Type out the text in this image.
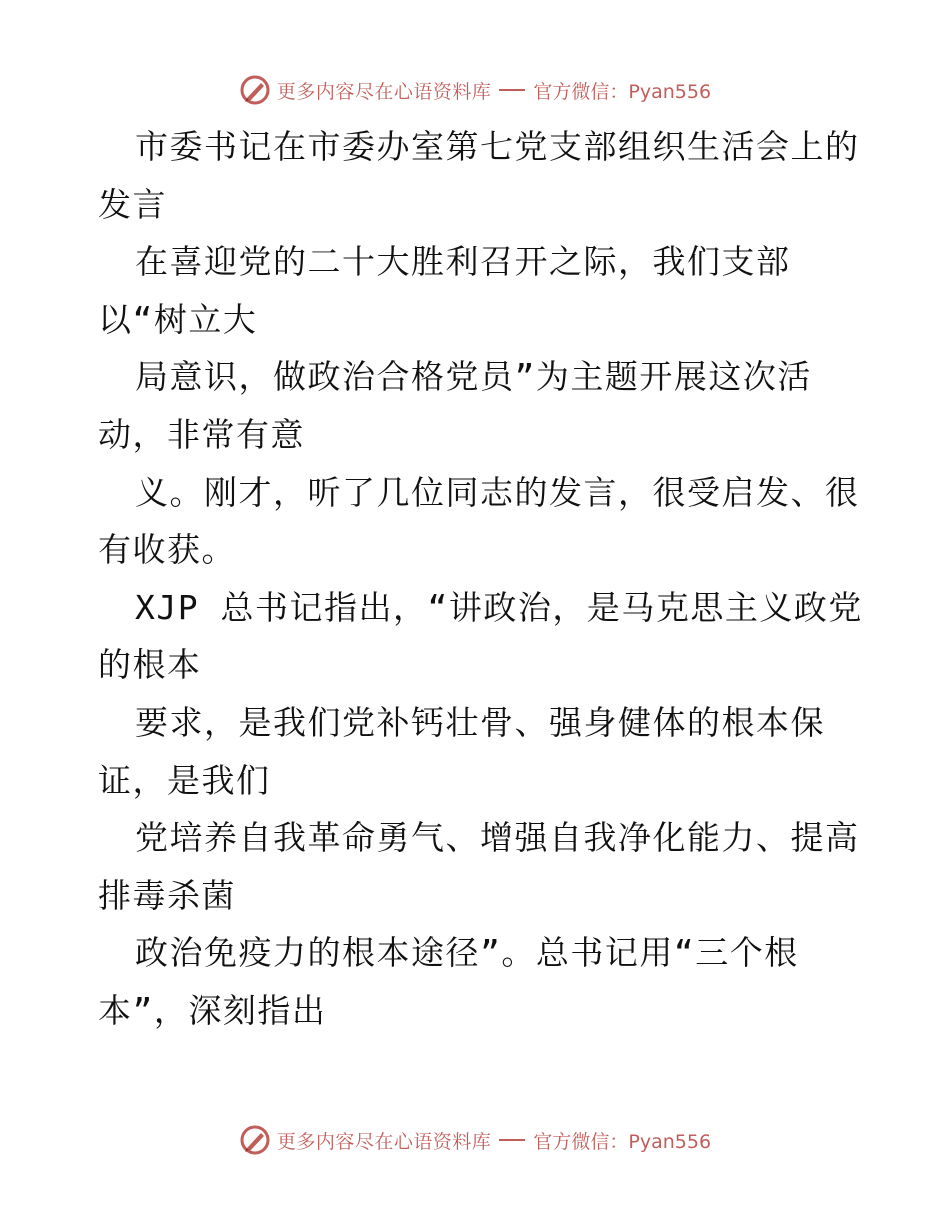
更多内容尽在心语资料库 官方微信：Pyan556
市委书记在市委办室第七党支部组织生活会上的
发言
在喜迎党的二十大胜利召开之际，我们支部
以“树立大
局意识，做政治合格党员”为主题开展这次活
动，非常有意
义。刚才，听了几位同志的发言，很受启发、很
有收获。
XJP 总书记指出，“讲政治，是马克思主义政党
的根本
要求，是我们党补钙壮骨、强身健体的根本保
证，是我们
党培养自我革命勇气、增强自我净化能力、提高
排毒杀菌
政治免疫力的根本途径”。总书记用“三个根
本”，深刻指出
更多内容尽在心语资料库 官方微信：Pyan556
